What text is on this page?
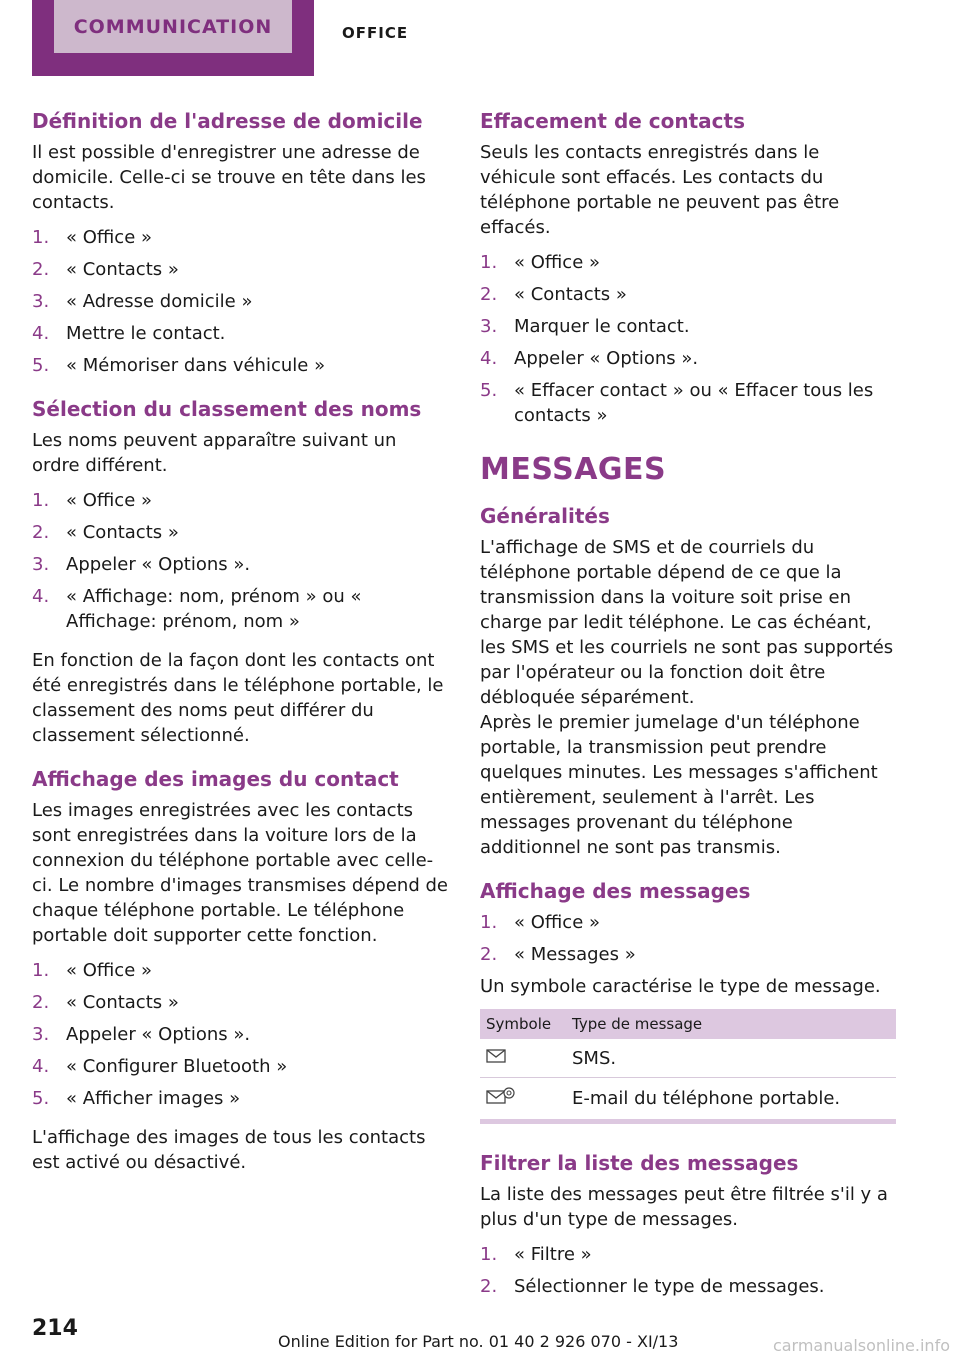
COMMUNICATION	OFFICE
Définition de l'adresse de domicile

Il est possible d'enregistrer une adresse de domicile. Celle-ci se trouve en tête dans les contacts.

1. « Office »
2. « Contacts »
3. « Adresse domicile »
4. Mettre le contact.
5. « Mémoriser dans véhicule »
Sélection du classement des noms

Les noms peuvent apparaître suivant un ordre différent.

1. « Office »
2. « Contacts »
3. Appeler « Options ».
4. « Affichage: nom, prénom » ou « Affichage: prénom, nom »

En fonction de la façon dont les contacts ont été enregistrés dans le téléphone portable, le classement des noms peut différer du classement sélectionné.

Affichage des images du contact

Les images enregistrées avec les contacts sont enregistrées dans la voiture lors de la connexion du téléphone portable avec celle-ci. Le nombre d'images transmises dépend de chaque téléphone portable. Le téléphone portable doit supporter cette fonction.

1. « Office »
2. « Contacts »
3. Appeler « Options ».
4. « Configurer Bluetooth »
5. « Afficher images »

L'affichage des images de tous les contacts est activé ou désactivé.

Effacement de contacts

Seuls les contacts enregistrés dans le véhicule sont effacés. Les contacts du téléphone portable ne peuvent pas être effacés.

1. « Office »
2. « Contacts »
3. Marquer le contact.
4. Appeler « Options ».
5. « Effacer contact » ou « Effacer tous les contacts »
MESSAGES
Généralités

L'affichage de SMS et de courriels du téléphone portable dépend de ce que la transmission dans la voiture soit prise en charge par ledit téléphone. Le cas échéant, les SMS et les courriels ne sont pas supportés par l'opérateur ou la fonction doit être débloquée séparément.

Après le premier jumelage d'un téléphone portable, la transmission peut prendre quelques minutes. Les messages s'affichent entièrement, seulement à l'arrêt. Les messages provenant du téléphone additionnel ne sont pas transmis.

Affichage des messages
1. « Office »
2. « Messages »

Un symbole caractérise le type de message.

Symbole	Type de message
	SMS.
	E-mail du téléphone portable.
Filtrer la liste des messages

La liste des messages peut être filtrée s'il y a plus d'un type de messages.

1. « Filtre »
2. Sélectionner le type de messages.
214
Online Edition for Part no. 01 40 2 926 070 - XI/13	carmanualsonline.info
